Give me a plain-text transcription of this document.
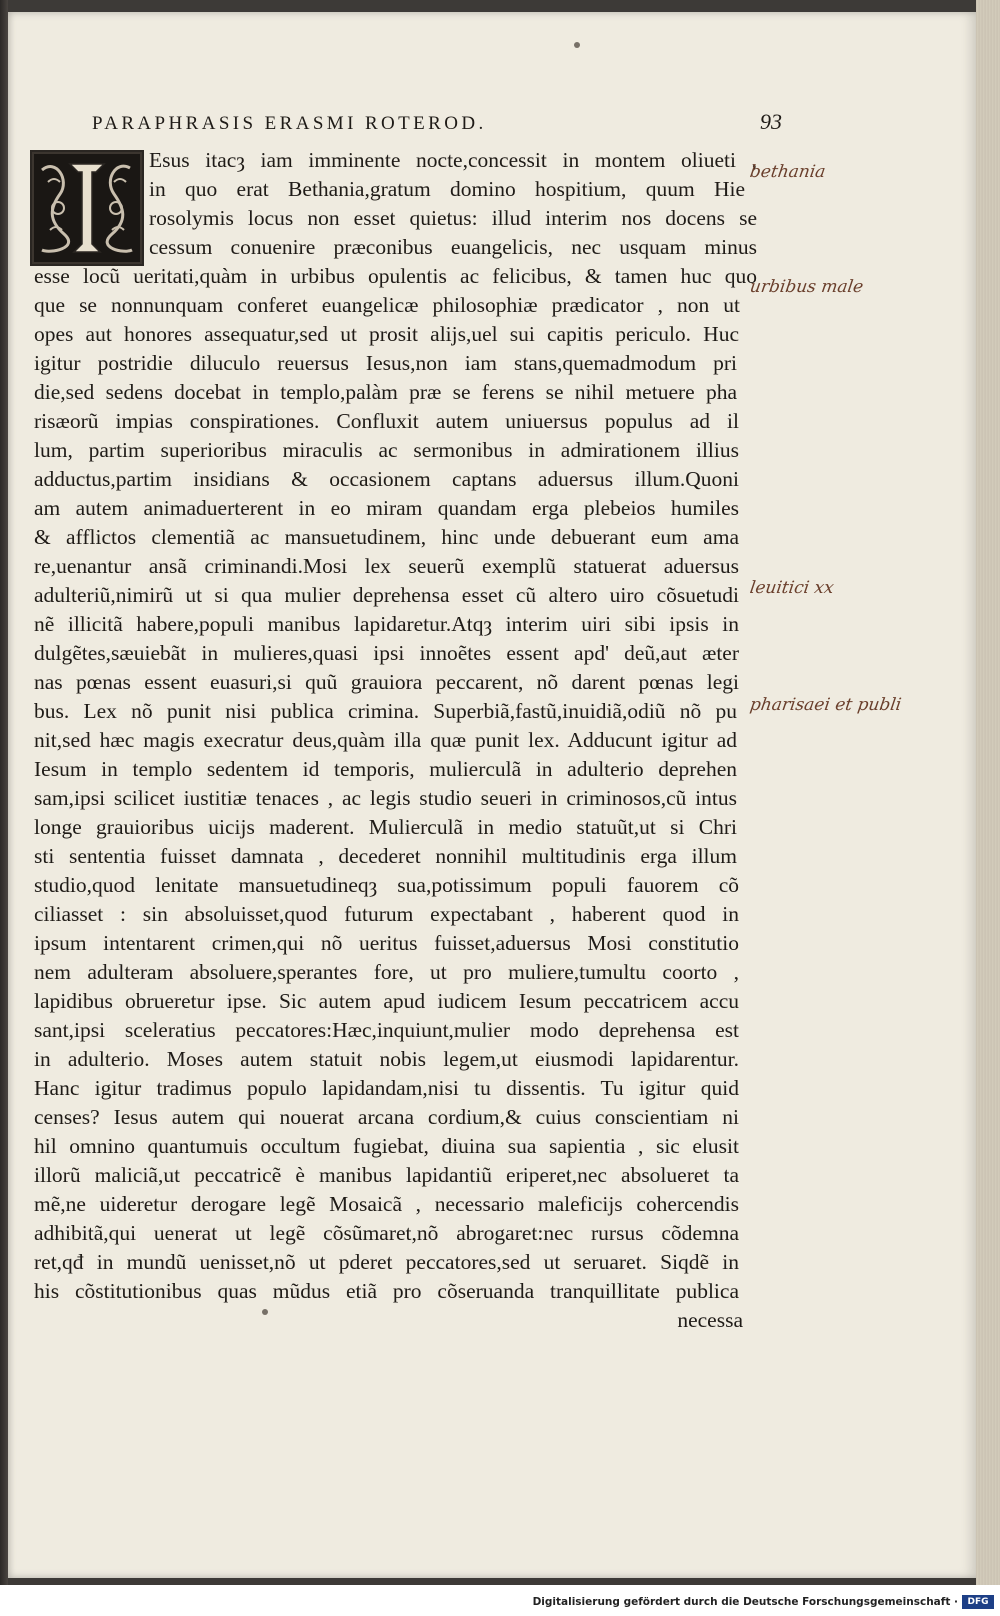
PARAPHRASIS ERASMI ROTEROD.	93
Esus itacȝ iam imminente nocte,concessit in montem oliueti ,
in quo erat Bethania,gratum domino hospitium, quum Hie
rosolymis locus non esset quietus: illud interim nos docens se
cessum conuenire præconibus euangelicis, nec usquam minus
esse locũ ueritati,quàm in urbibus opulentis ac felicibus, & tamen huc quo
que se nonnunquam conferet euangelicæ philosophiæ prædicator , non ut
opes aut honores assequatur,sed ut prosit alijs,uel sui capitis periculo. Huc
igitur postridie diluculo reuersus Iesus,non iam stans,quemadmodum pri
die,sed sedens docebat in templo,palàm præ se ferens se nihil metuere pha
risæorũ impias conspirationes. Confluxit autem uniuersus populus ad il
lum, partim superioribus miraculis ac sermonibus in admirationem illius
adductus,partim insidians & occasionem captans aduersus illum.Quoni
am autem animaduerterent in eo miram quandam erga plebeios humiles
& afflictos clementiã ac mansuetudinem, hinc unde debuerant eum ama
re,uenantur ansã criminandi.Mosi lex seuerũ exemplũ statuerat aduersus
adulteriũ,nimirũ ut si qua mulier deprehensa esset cũ altero uiro cõsuetudi
nẽ illicitã habere,populi manibus lapidaretur.Atqȝ interim uiri sibi ipsis in
dulgẽtes,sæuiebãt in mulieres,quasi ipsi innoẽtes essent apd' deũ,aut æter
nas pœnas essent euasuri,si quũ grauiora peccarent, nõ darent pœnas legi
bus. Lex nõ punit nisi publica crimina. Superbiã,fastũ,inuidiã,odiũ nõ pu
nit,sed hæc magis execratur deus,quàm illa quæ punit lex. Adducunt igitur ad
Iesum in templo sedentem id temporis, mulierculã in adulterio deprehen
sam,ipsi scilicet iustitiæ tenaces , ac legis studio seueri in criminosos,cũ intus
longe grauioribus uicijs maderent. Mulierculã in medio statuũt,ut si Chri
sti sententia fuisset damnata , decederet nonnihil multitudinis erga illum
studio,quod lenitate mansuetudineqȝ sua,potissimum populi fauorem cõ
ciliasset : sin absoluisset,quod futurum expectabant , haberent quod in
ipsum intentarent crimen,qui nõ ueritus fuisset,aduersus Mosi constitutio
nem adulteram absoluere,sperantes fore, ut pro muliere,tumultu coorto ,
lapidibus obrueretur ipse. Sic autem apud iudicem Iesum peccatricem accu
sant,ipsi sceleratius peccatores:Hæc,inquiunt,mulier modo deprehensa est
in adulterio. Moses autem statuit nobis legem,ut eiusmodi lapidarentur.
Hanc igitur tradimus populo lapidandam,nisi tu dissentis. Tu igitur quid
censes? Iesus autem qui nouerat arcana cordium,& cuius conscientiam ni
hil omnino quantumuis occultum fugiebat, diuina sua sapientia , sic elusit
illorũ maliciã,ut peccatricẽ è manibus lapidantiũ eriperet,nec absolueret ta
mẽ,ne uideretur derogare legẽ Mosaicã , necessario maleficijs cohercendis
adhibitã,qui uenerat ut legẽ cõsũmaret,nõ abrogaret:nec rursus cõdemna
ret,qđ in mundũ uenisset,nõ ut pderet peccatores,sed ut seruaret. Siqdẽ in
his cõstitutionibus quas mũdus etiã pro cõseruanda tranquillitate publica
necessa
bethania
urbibus male
leuitici xx
pharisaei et publi
Digitalisierung gefördert durch die Deutsche Forschungsgemeinschaft ·	DFG
